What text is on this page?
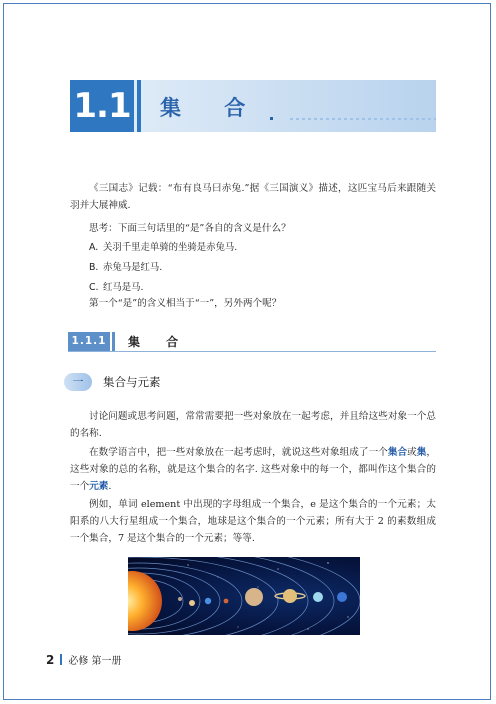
1.1 集 合
《三国志》记载：“布有良马曰赤兔.”据《三国演义》描述，这匹宝马后来跟随关羽并大展神威.
思考：下面三句话里的“是”各自的含义是什么？
A. 关羽千里走单骑的坐骑是赤兔马.
B. 赤兔马是红马.
C. 红马是马.
第一个“是”的含义相当于“一”，另外两个呢？
1.1.1 集 合
一	集合与元素
讨论问题或思考问题，常常需要把一些对象放在一起考虑，并且给这些对象一个总的名称.
在数学语言中，把一些对象放在一起考虑时，就说这些对象组成了一个集合或集，这些对象的总的名称，就是这个集合的名字. 这些对象中的每一个，都叫作这个集合的一个元素.
例如，单词 element 中出现的字母组成一个集合，e 是这个集合的一个元素；太阳系的八大行星组成一个集合，地球是这个集合的一个元素；所有大于 2 的素数组成一个集合，7 是这个集合的一个元素；等等.
2 必修 第一册
